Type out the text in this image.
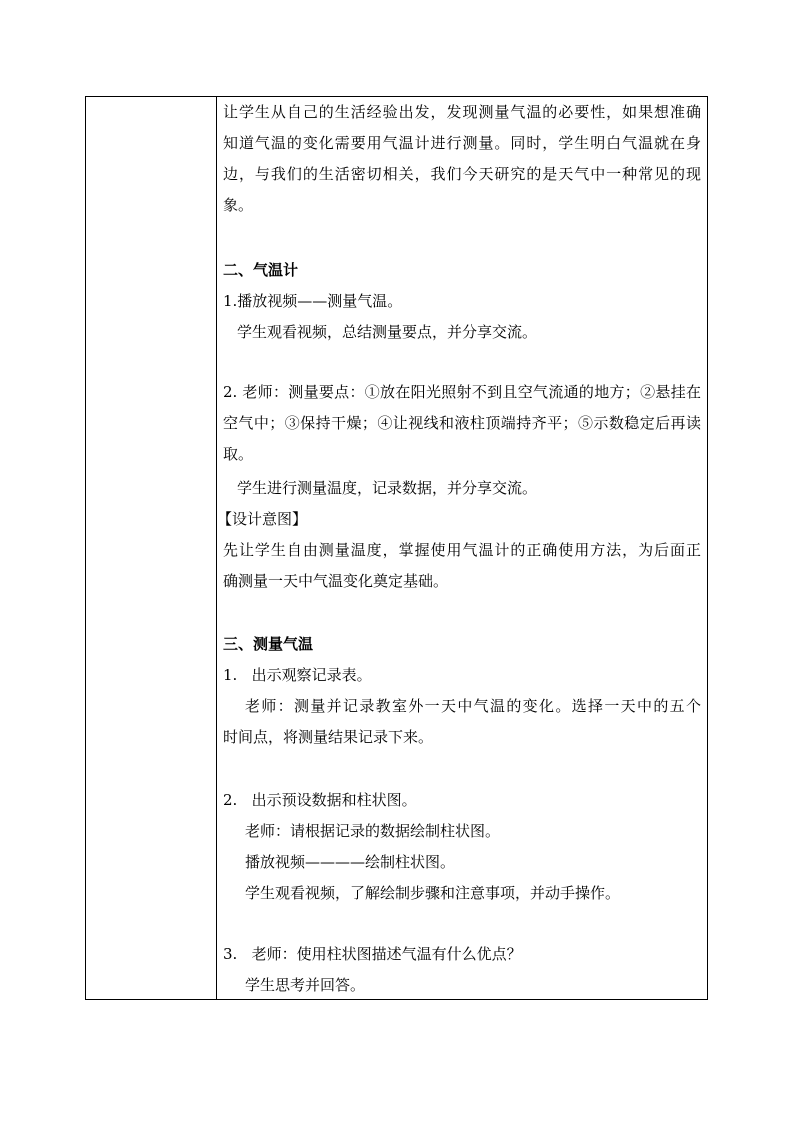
让学生从自己的生活经验出发，发现测量气温的必要性，如果想准确
知道气温的变化需要用气温计进行测量。同时，学生明白气温就在身
边，与我们的生活密切相关，我们今天研究的是天气中一种常见的现
象。
二、气温计
1.播放视频——测量气温。
学生观看视频，总结测量要点，并分享交流。
2. 老师：测量要点：①放在阳光照射不到且空气流通的地方；②悬挂在
空气中；③保持干燥；④让视线和液柱顶端持齐平；⑤示数稳定后再读
取。
学生进行测量温度，记录数据，并分享交流。
【设计意图】
先让学生自由测量温度，掌握使用气温计的正确使用方法，为后面正
确测量一天中气温变化奠定基础。
三、测量气温
1.   出示观察记录表。
老师：测量并记录教室外一天中气温的变化。选择一天中的五个
时间点，将测量结果记录下来。
2.   出示预设数据和柱状图。
老师：请根据记录的数据绘制柱状图。
播放视频————绘制柱状图。
学生观看视频，了解绘制步骤和注意事项，并动手操作。
3.   老师：使用柱状图描述气温有什么优点？
学生思考并回答。
